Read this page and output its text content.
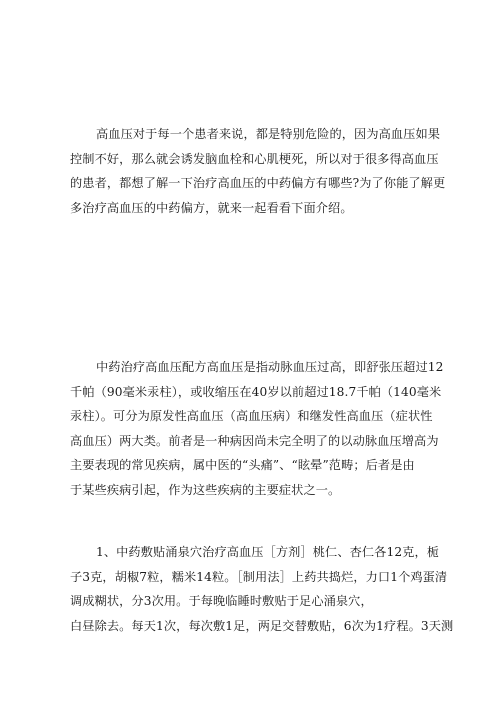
高血压对于每一个患者来说，都是特别危险的，因为高血压如果
控制不好，那么就会诱发脑血栓和心肌梗死，所以对于很多得高血压
的患者，都想了解一下治疗高血压的中药偏方有哪些?为了你能了解更
多治疗高血压的中药偏方，就来一起看看下面介绍。
中药治疗高血压配方高血压是指动脉血压过高，即舒张压超过12
千帕（90毫米汞柱），或收缩压在40岁以前超过18.7千帕（140毫米
汞柱）。可分为原发性高血压（高血压病）和继发性高血压（症状性
高血压）两大类。前者是一种病因尚未完全明了的以动脉血压增高为
主要表现的常见疾病，属中医的“头痛”、“眩晕”范畴；后者是由
于某些疾病引起，作为这些疾病的主要症状之一。
1、中药敷贴涌泉穴治疗高血压［方剂］桃仁、杏仁各12克，栀
子3克，胡椒7粒，糯米14粒。［制用法］上药共捣烂，力口1个鸡蛋清
调成糊状，分3次用。于每晚临睡时敷贴于足心涌泉穴，
白昼除去。每天1次，每次敷1足，两足交替敷贴，6次为1疗程。3天测
